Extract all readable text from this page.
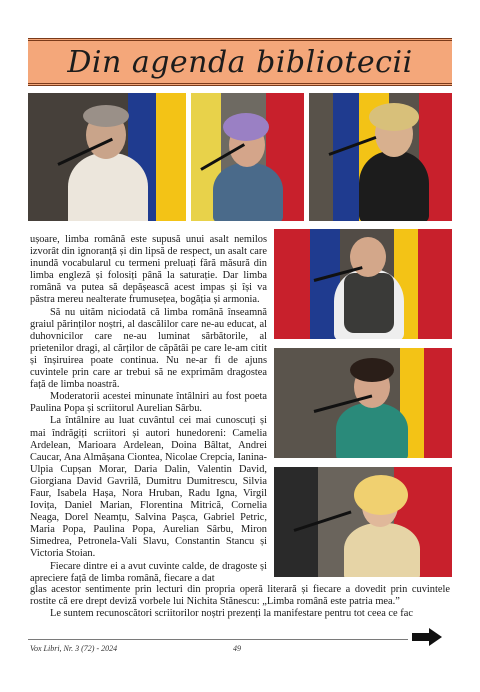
Din agenda bibliotecii

ușoare, limba română este supusă unui asalt nemilos izvorât din ignoranță și din lipsă de respect, un asalt care inundă vocabularul cu termeni preluați fără măsură din limba engleză și folosiți până la saturație. Dar limba română va putea să depășească acest impas și își va păstra mereu nealterate frumusețea, bogăția și armonia.

Să nu uităm niciodată că limba română înseamnă graiul părinților noștri, al dascălilor care ne-au educat, al duhovnicilor care ne-au luminat sărbătorile, al prietenilor dragi, al cărților de căpătâi pe care le-am citit și înșiruirea poate continua. Nu ne-ar fi de ajuns cuvintele prin care ar trebui să ne exprimăm dragostea față de limba noastră.

Moderatorii acestei minunate întâlniri au fost poeta Paulina Popa și scriitorul Aurelian Sârbu.

La întâlnire au luat cuvântul cei mai cunoscuți și mai îndrăgiți scriitori și autori hunedoreni: Camelia Ardelean, Marioara Ardelean, Doina Bâltat, Andrei Caucar, Ana Almășana Ciontea, Nicolae Crepcia, Ianina-Ulpia Cupșan Morar, Daria Dalin, Valentin David, Giorgiana David Gavrilă, Dumitru Dumitrescu, Silvia Faur, Isabela Hașa, Nora Hruban, Radu Igna, Virgil Iovița, Daniel Marian, Florentina Mitrică, Cornelia Neaga, Dorel Neamțu, Salvina Pașca, Gabriel Petric, Maria Popa, Paulina Popa, Aurelian Sârbu, Miron Simedrea, Petronela-Vali Slavu, Constantin Stancu și Victoria Stoian.

Fiecare dintre ei a avut cuvinte calde, de dragoste și apreciere față de limba română, fiecare a dat

glas acestor sentimente prin lecturi din propria operă literară și fiecare a dovedit prin cuvintele rostite că ere drept deviză vorbele lui Nichita Stănescu: „Limba română este patria mea.”

Le suntem recunoscători scriitorilor noștri prezenți la manifestare pentru tot ceea ce fac

Vox Libri, Nr. 3 (72) - 2024	49
